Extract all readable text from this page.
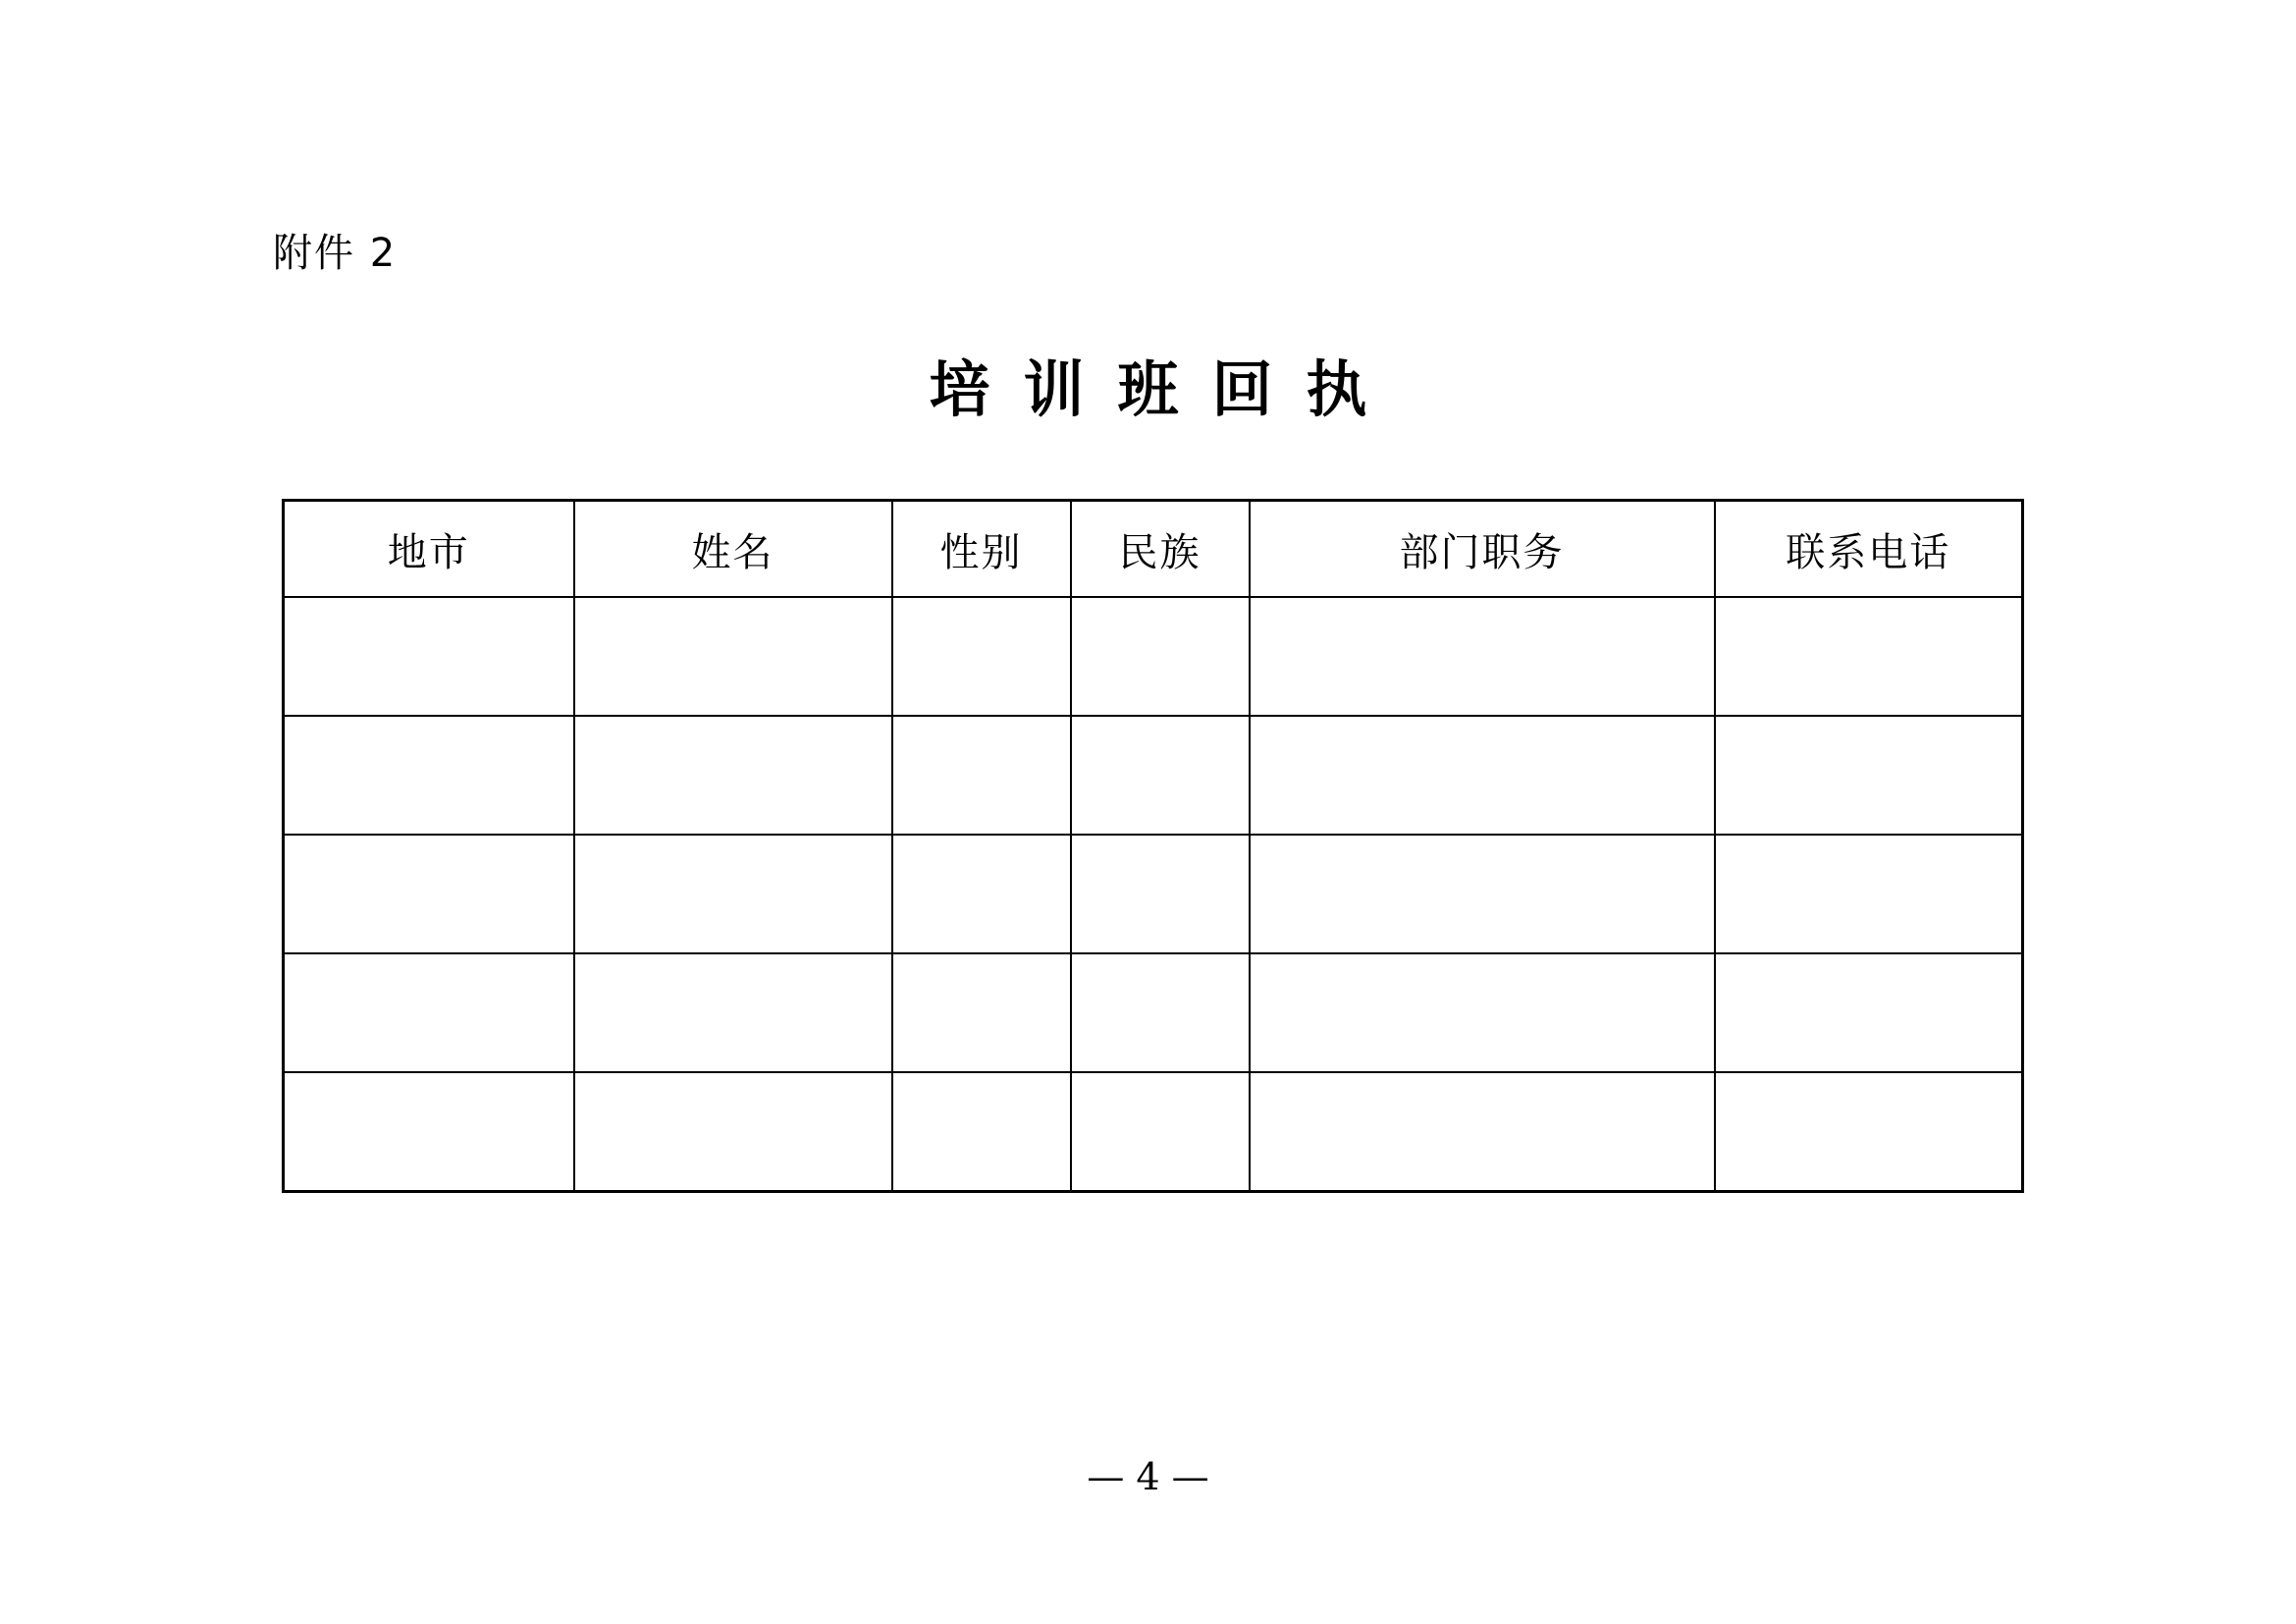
附件 2
培训班回执
地市	姓名	性别	民族	部门职务	联系电话

— 4 —
